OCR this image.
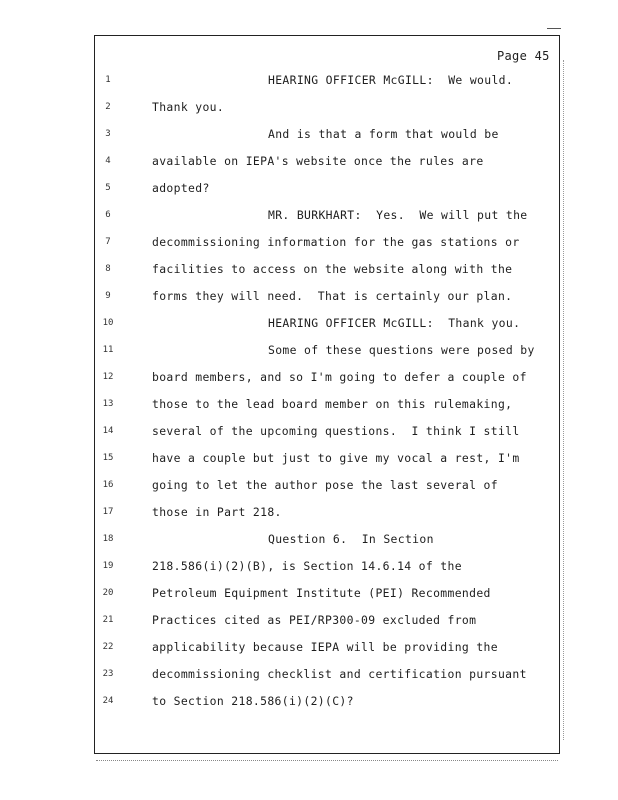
Page 45
1
2
3
4
5
6
7
8
9
10
11
12
13
14
15
16
17
18
19
20
21
22
23
24
HEARING OFFICER McGILL:  We would.
Thank you.
And is that a form that would be
available on IEPA's website once the rules are
adopted?
MR. BURKHART:  Yes.  We will put the
decommissioning information for the gas stations or
facilities to access on the website along with the
forms they will need.  That is certainly our plan.
HEARING OFFICER McGILL:  Thank you.
Some of these questions were posed by
board members, and so I'm going to defer a couple of
those to the lead board member on this rulemaking,
several of the upcoming questions.  I think I still
have a couple but just to give my vocal a rest, I'm
going to let the author pose the last several of
those in Part 218.
Question 6.  In Section
218.586(i)(2)(B), is Section 14.6.14 of the
Petroleum Equipment Institute (PEI) Recommended
Practices cited as PEI/RP300-09 excluded from
applicability because IEPA will be providing the
decommissioning checklist and certification pursuant
to Section 218.586(i)(2)(C)?
